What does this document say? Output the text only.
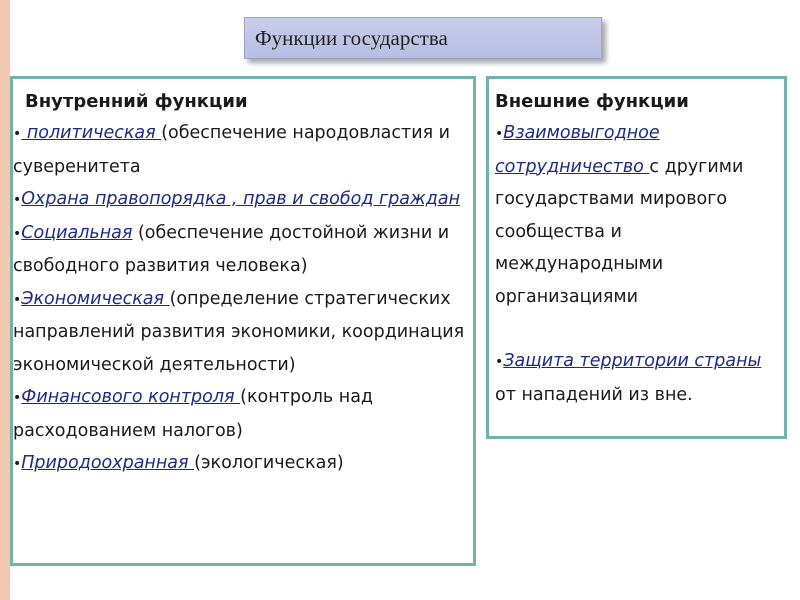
Функции государства
Внутренний функции

• политическая (обеспечение народовластия и суверенитета

•Охрана правопорядка , прав и свобод граждан

•Социальная (обеспечение достойной жизни и свободного развития человека)

•Экономическая (определение стратегических направлений развития экономики, координация экономической деятельности)

•Финансового контроля (контроль над расходованием налогов)

•Природоохранная (экологическая)

Внешние функции

•Взаимовыгодное сотрудничество с другими государствами мирового сообщества и международными организациями

•Защита территории страны от нападений из вне.
